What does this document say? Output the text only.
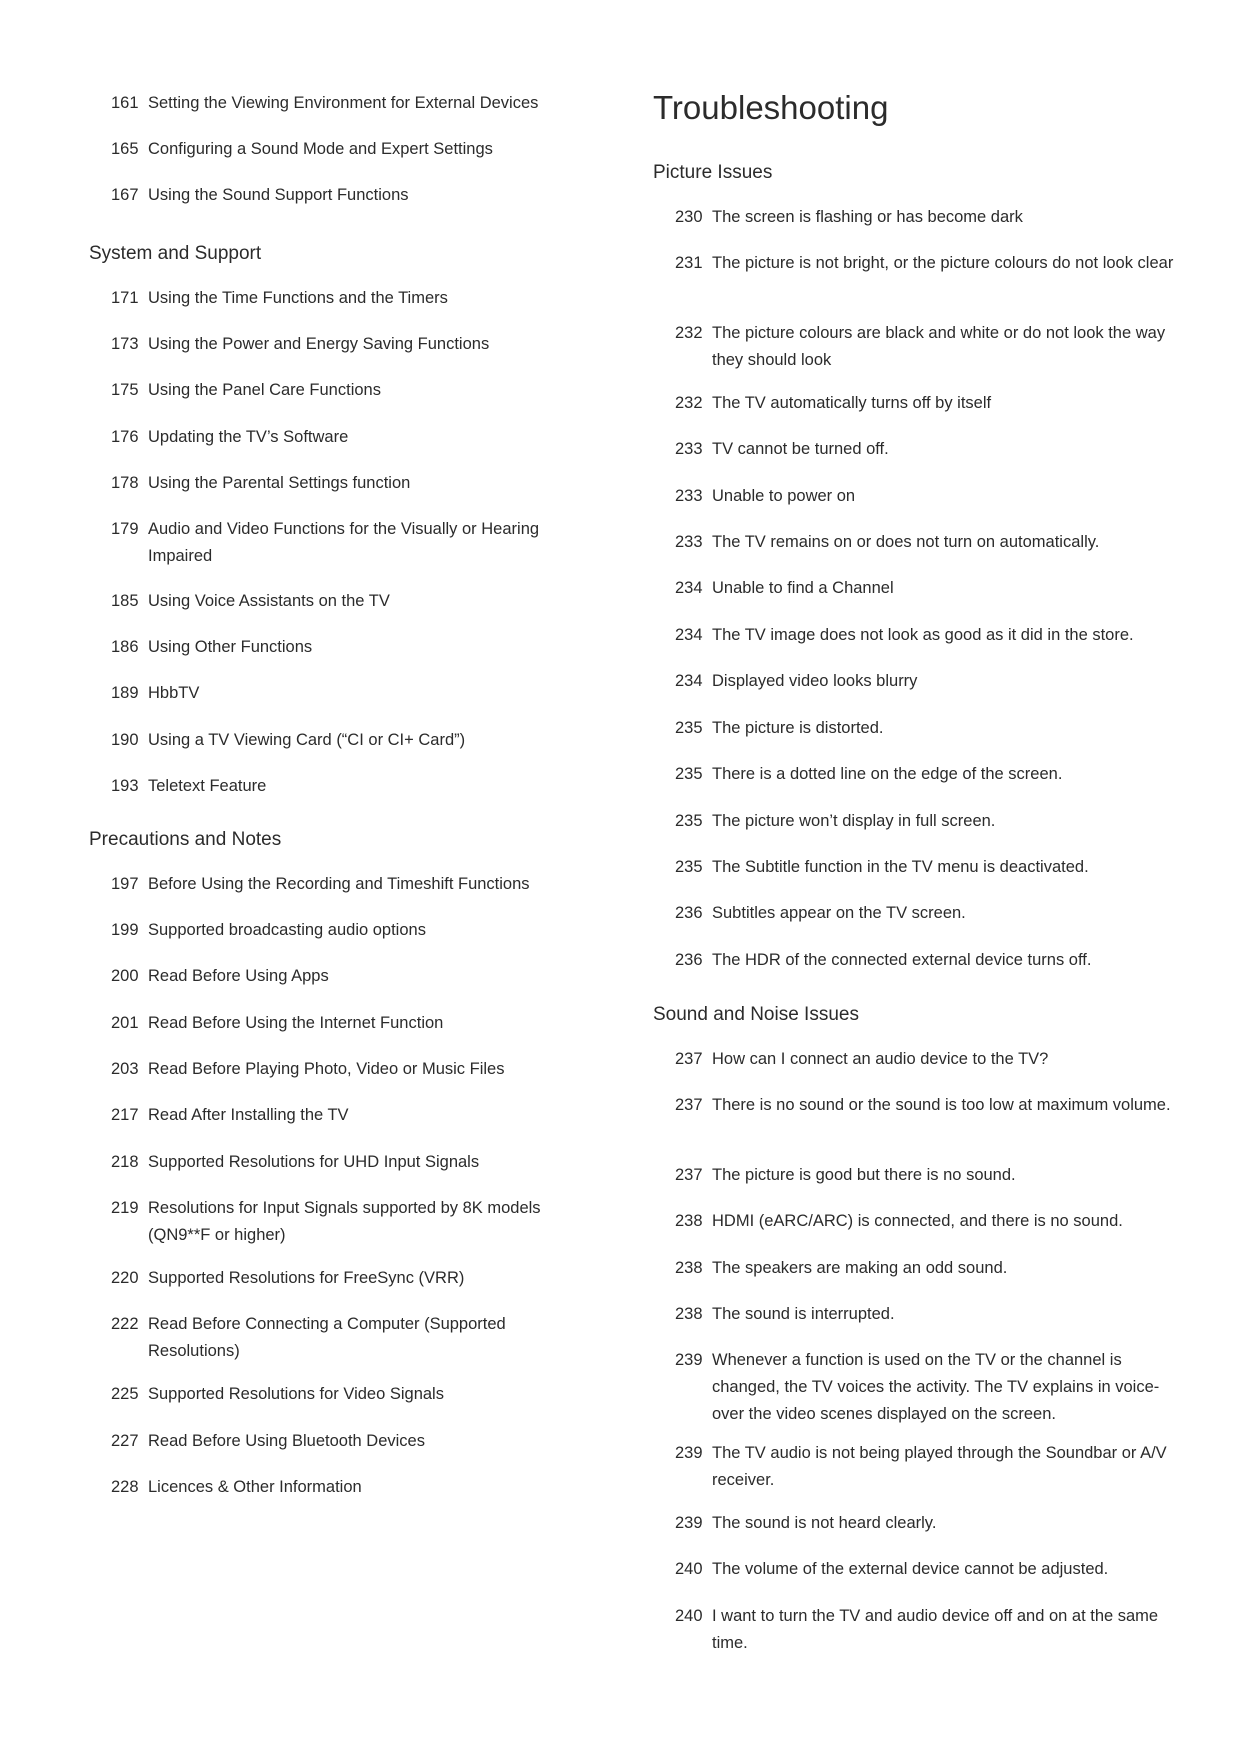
161 Setting the Viewing Environment for External Devices
165 Configuring a Sound Mode and Expert Settings
167 Using the Sound Support Functions
System and Support
171 Using the Time Functions and the Timers
173 Using the Power and Energy Saving Functions
175 Using the Panel Care Functions
176 Updating the TV’s Software
178 Using the Parental Settings function
179 Audio and Video Functions for the Visually or Hearing Impaired
185 Using Voice Assistants on the TV
186 Using Other Functions
189 HbbTV
190 Using a TV Viewing Card (“CI or CI+ Card”)
193 Teletext Feature
Precautions and Notes
197 Before Using the Recording and Timeshift Functions
199 Supported broadcasting audio options
200 Read Before Using Apps
201 Read Before Using the Internet Function
203 Read Before Playing Photo, Video or Music Files
217 Read After Installing the TV
218 Supported Resolutions for UHD Input Signals
219 Resolutions for Input Signals supported by 8K models (QN9**F or higher)
220 Supported Resolutions for FreeSync (VRR)
222 Read Before Connecting a Computer (Supported Resolutions)
225 Supported Resolutions for Video Signals
227 Read Before Using Bluetooth Devices
228 Licences & Other Information
Troubleshooting
Picture Issues
230 The screen is flashing or has become dark
231 The picture is not bright, or the picture colours do not look clear
232 The picture colours are black and white or do not look the way they should look
232 The TV automatically turns off by itself
233 TV cannot be turned off.
233 Unable to power on
233 The TV remains on or does not turn on automatically.
234 Unable to find a Channel
234 The TV image does not look as good as it did in the store.
234 Displayed video looks blurry
235 The picture is distorted.
235 There is a dotted line on the edge of the screen.
235 The picture won’t display in full screen.
235 The Subtitle function in the TV menu is deactivated.
236 Subtitles appear on the TV screen.
236 The HDR of the connected external device turns off.
Sound and Noise Issues
237 How can I connect an audio device to the TV?
237 There is no sound or the sound is too low at maximum volume.
237 The picture is good but there is no sound.
238 HDMI (eARC/ARC) is connected, and there is no sound.
238 The speakers are making an odd sound.
238 The sound is interrupted.
239 Whenever a function is used on the TV or the channel is changed, the TV voices the activity. The TV explains in voice-over the video scenes displayed on the screen.
239 The TV audio is not being played through the Soundbar or A/V receiver.
239 The sound is not heard clearly.
240 The volume of the external device cannot be adjusted.
240 I want to turn the TV and audio device off and on at the same time.
